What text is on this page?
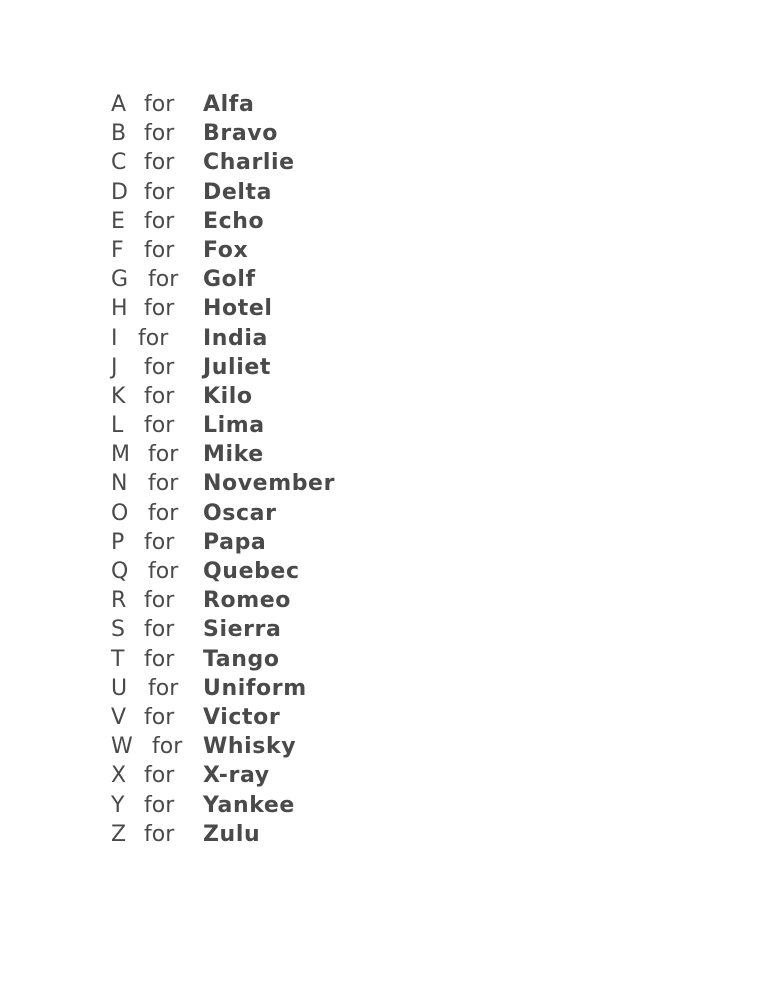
A for Alfa
B for Bravo
C for Charlie
D for Delta
E for Echo
F for Fox
G for Golf
H for Hotel
I for India
J for Juliet
K for Kilo
L for Lima
M for Mike
N for November
O for Oscar
P for Papa
Q for Quebec
R for Romeo
S for Sierra
T for Tango
U for Uniform
V for Victor
W for Whisky
X for X-ray
Y for Yankee
Z for Zulu
